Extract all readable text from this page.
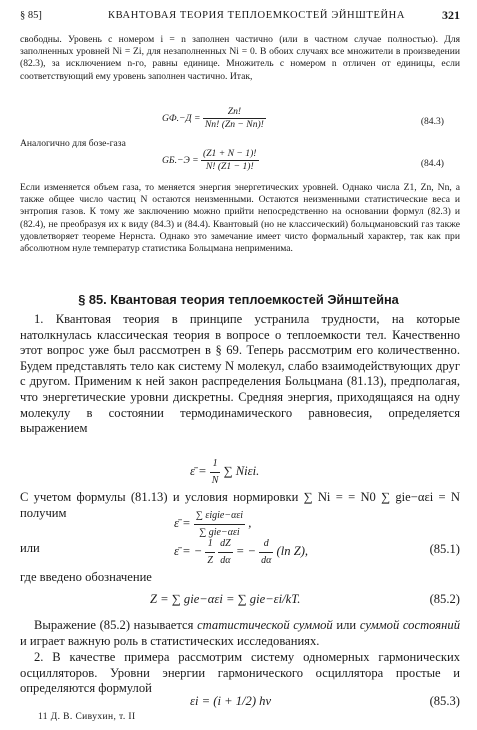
§ 85]	КВАНТОВАЯ ТЕОРИЯ ТЕПЛОЕМКОСТЕЙ ЭЙНШТЕЙНА	321
свободны. Уровень с номером i = n заполнен частично (или в частном случае полностью). Для заполненных уровней Ni = Zi, для незаполненных Ni = 0. В обоих случаях все множители в произведении (82.3), за исключением n-го, равны единице. Множитель с номером n отличен от единицы, если соответствующий ему уровень заполнен частично. Итак,
$GФ.-Д = \frac{Zn!}{Nn! (Zn - Nn)!}$	(84.3)
Аналогично для бозе-газа
$GБ.-Э = \frac{(Z1 + N - 1)!}{N! (Z1 - 1)!}$	(84.4)
Если изменяется объем газа, то меняется энергия энергетических уровней. Однако числа Z1, Zn, Nn, а также общее число частиц N остаются неизменными. Остаются неизменными статистические веса и энтропия газов. К тому же заключению можно прийти непосредственно на основании формул (82.3) и (82.4), не преобразуя их к виду (84.3) и (84.4). Квантовый (но не классический) больцмановский газ также удовлетворяет теореме Нернста. Однако это замечание имеет чисто формальный характер, так как при абсолютном нуле температур статистика Больцмана неприменима.
§ 85. Квантовая теория теплоемкостей Эйнштейна
1. Квантовая теория в принципе устранила трудности, на которые натолкнулась классическая теория в вопросе о теплоемкости тел. Качественно этот вопрос уже был рассмотрен в § 69. Теперь рассмотрим его количественно. Будем представлять тело как систему N молекул, слабо взаимодействующих друг с другом. Применим к ней закон распределения Больцмана (81.13), предполагая, что энергетические уровни дискретны. Средняя энергия, приходящаяся на одну молекулу в состоянии термодинамического равновесия, определяется выражением
ε̄ = $\frac{1}{N}$ ∑ Niεi.
С учетом формулы (81.13) и условия нормировки ∑ Ni = = N0 ∑ gie−αεi = N получим
ε̄ = $\frac{\text{∑ εigie−αεi}}{\text{∑ gie−αεi}}$ ,
или	ε̄ = − $\frac{1}{Z}$
$\frac{dZ}{d\alpha}$ = − $\frac{d}{d\alpha} (\ln$ Z),	(85.1)
где введено обозначение
Z = ∑ gie−αεi = ∑ gie−εi/kT.	(85.2)
Выражение (85.2) называется статистической суммой или суммой состояний и играет важную роль в статистических исследованиях.
2. В качестве примера рассмотрим систему одномерных гармонических осцилляторов. Уровни энергии гармонического осциллятора простые и определяются формулой
εi = (i + 1/2) hν	(85.3)
11 Д. В. Сивухин, т. II
